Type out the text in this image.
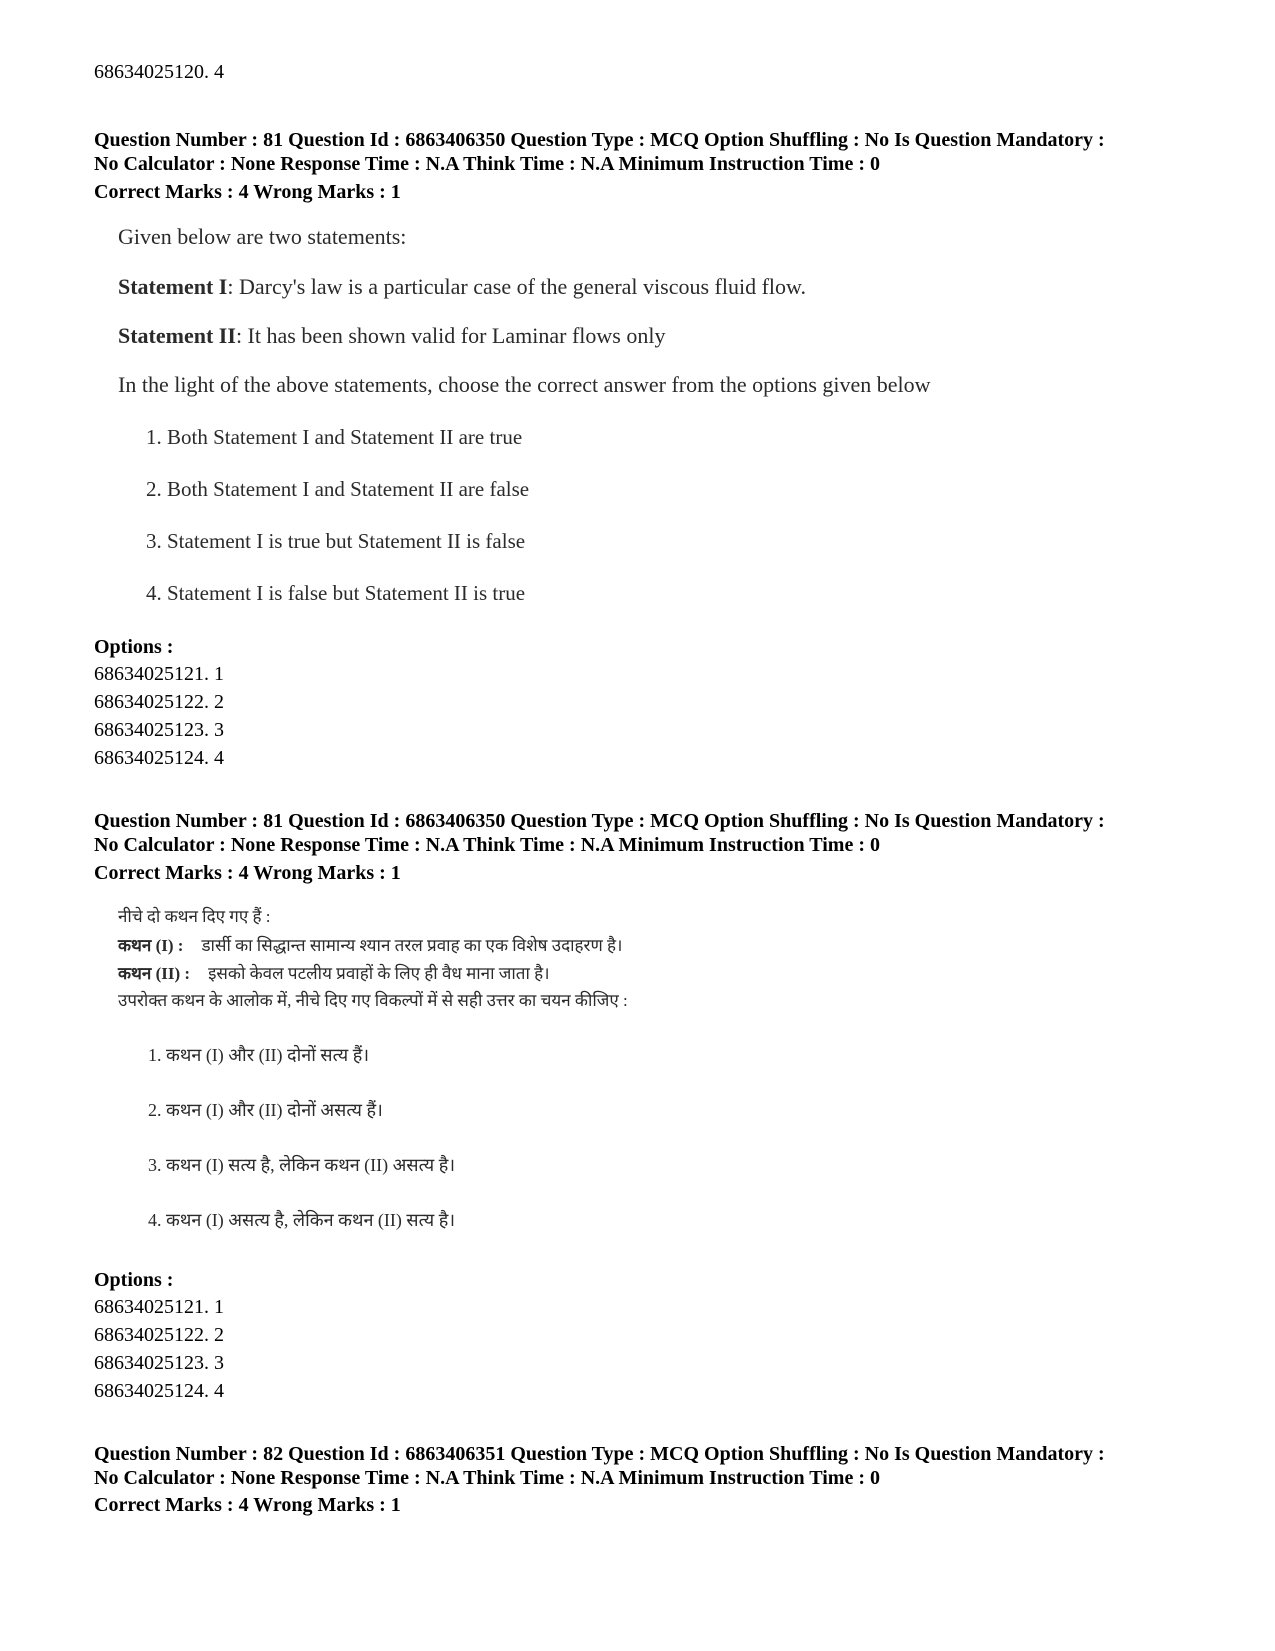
68634025120. 4
Question Number : 81 Question Id : 6863406350 Question Type : MCQ Option Shuffling : No Is Question Mandatory :
No Calculator : None Response Time : N.A Think Time : N.A Minimum Instruction Time : 0
Correct Marks : 4 Wrong Marks : 1
Given below are two statements:
Statement I: Darcy's law is a particular case of the general viscous fluid flow.
Statement II: It has been shown valid for Laminar flows only
In the light of the above statements, choose the correct answer from the options given below
1. Both Statement I and Statement II are true
2. Both Statement I and Statement II are false
3. Statement I is true but Statement II is false
4. Statement I is false but Statement II is true
Options :
68634025121. 1
68634025122. 2
68634025123. 3
68634025124. 4
Question Number : 81 Question Id : 6863406350 Question Type : MCQ Option Shuffling : No Is Question Mandatory :
No Calculator : None Response Time : N.A Think Time : N.A Minimum Instruction Time : 0
Correct Marks : 4 Wrong Marks : 1
नीचे दो कथन दिए गए हैं :
कथन (I) : डार्सी का सिद्धान्त सामान्य श्यान तरल प्रवाह का एक विशेष उदाहरण है।
कथन (II) : इसको केवल पटलीय प्रवाहों के लिए ही वैध माना जाता है।
उपरोक्त कथन के आलोक में, नीचे दिए गए विकल्पों में से सही उत्तर का चयन कीजिए :
1. कथन (I) और (II) दोनों सत्य हैं।
2. कथन (I) और (II) दोनों असत्य हैं।
3. कथन (I) सत्य है, लेकिन कथन (II) असत्य है।
4. कथन (I) असत्य है, लेकिन कथन (II) सत्य है।
Options :
68634025121. 1
68634025122. 2
68634025123. 3
68634025124. 4
Question Number : 82 Question Id : 6863406351 Question Type : MCQ Option Shuffling : No Is Question Mandatory :
No Calculator : None Response Time : N.A Think Time : N.A Minimum Instruction Time : 0
Correct Marks : 4 Wrong Marks : 1
